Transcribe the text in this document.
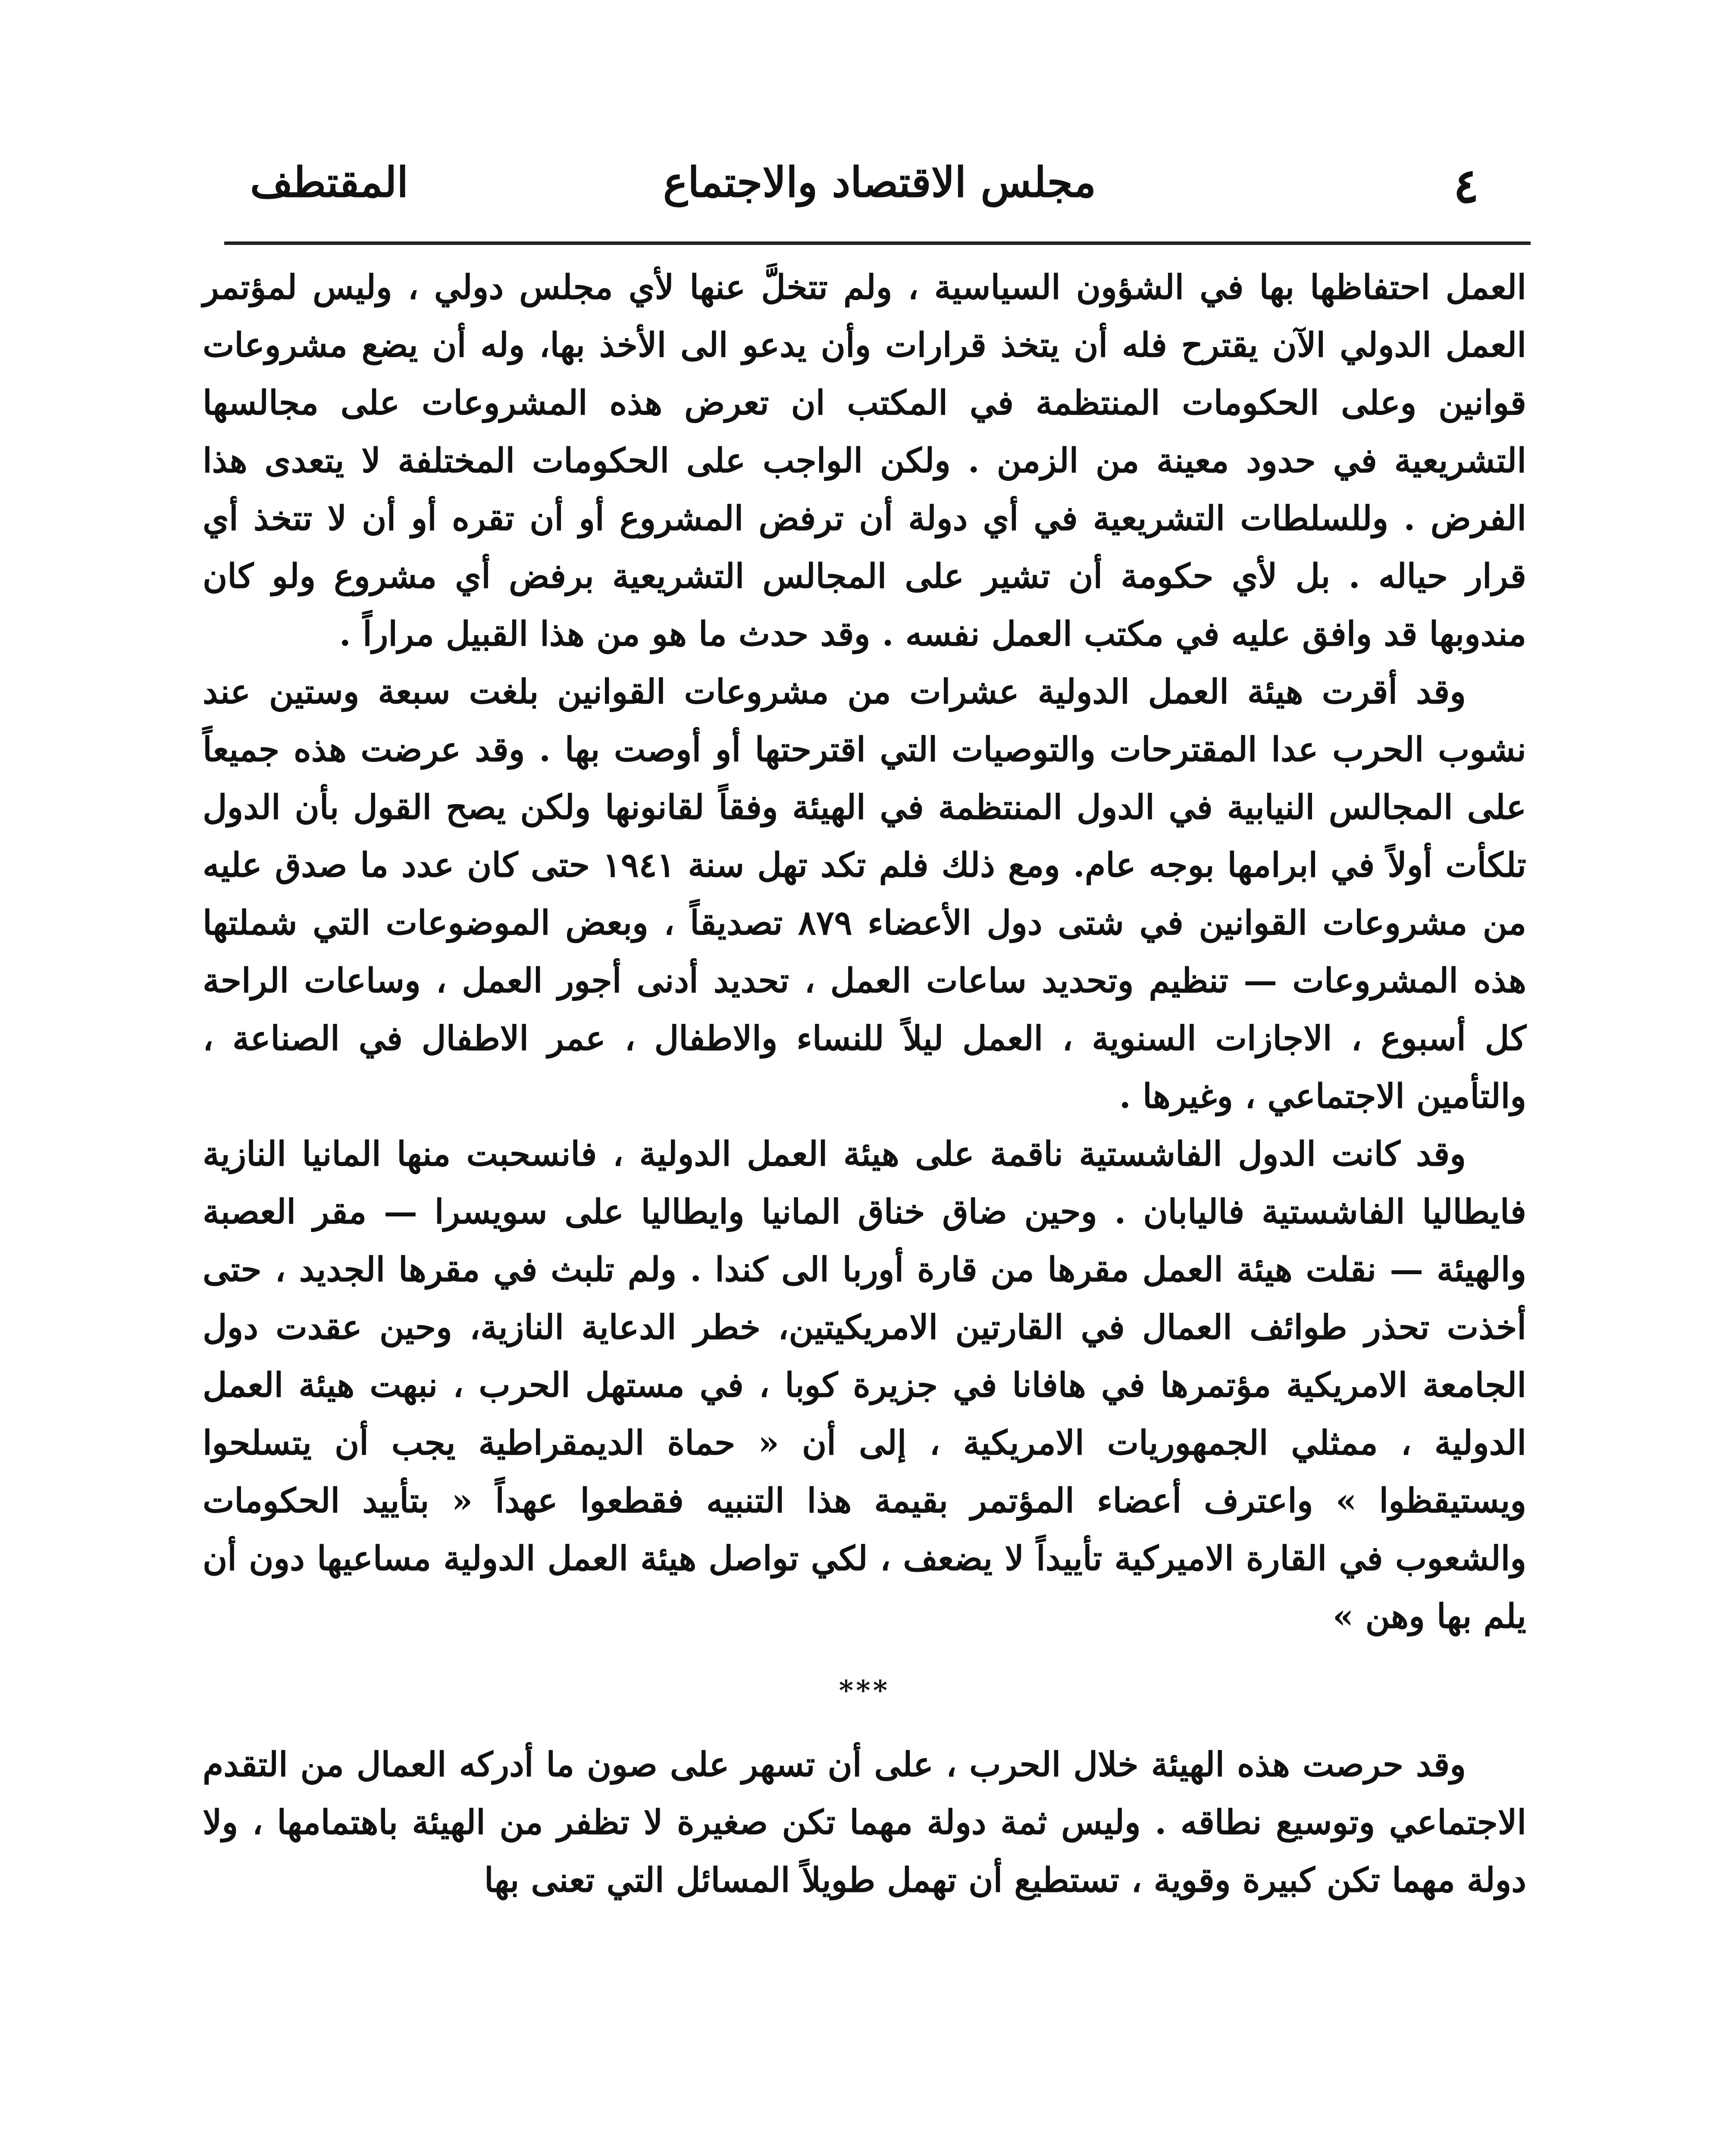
٤
مجلس الاقتصاد والاجتماع
المقتطف

العمل احتفاظها بها في الشؤون السياسية ، ولم تتخلَّ عنها لأي مجلس دولي ، وليس لمؤتمر العمل الدولي الآن يقترح فله أن يتخذ قرارات وأن يدعو الى الأخذ بها، وله أن يضع مشروعات قوانين وعلى الحكومات المنتظمة في المكتب ان تعرض هذه المشروعات على مجالسها التشريعية في حدود معينة من الزمن . ولكن الواجب على الحكومات المختلفة لا يتعدى هذا الفرض . وللسلطات التشريعية في أي دولة أن ترفض المشروع أو أن تقره أو أن لا تتخذ أي قرار حياله . بل لأي حكومة أن تشير على المجالس التشريعية برفض أي مشروع ولو كان مندوبها قد وافق عليه في مكتب العمل نفسه . وقد حدث ما هو من هذا القبيل مراراً .

وقد أقرت هيئة العمل الدولية عشرات من مشروعات القوانين بلغت سبعة وستين عند نشوب الحرب عدا المقترحات والتوصيات التي اقترحتها أو أوصت بها . وقد عرضت هذه جميعاً على المجالس النيابية في الدول المنتظمة في الهيئة وفقاً لقانونها ولكن يصح القول بأن الدول تلكأت أولاً في ابرامها بوجه عام. ومع ذلك فلم تكد تهل سنة ١٩٤١ حتى كان عدد ما صدق عليه من مشروعات القوانين في شتى دول الأعضاء ٨٧٩ تصديقاً ، وبعض الموضوعات التي شملتها هذه المشروعات — تنظيم وتحديد ساعات العمل ، تحديد أدنى أجور العمل ، وساعات الراحة كل أسبوع ، الاجازات السنوية ، العمل ليلاً للنساء والاطفال ، عمر الاطفال في الصناعة ، والتأمين الاجتماعي ، وغيرها .

وقد كانت الدول الفاشستية ناقمة على هيئة العمل الدولية ، فانسحبت منها المانيا النازية فايطاليا الفاشستية فاليابان . وحين ضاق خناق المانيا وايطاليا على سويسرا — مقر العصبة والهيئة — نقلت هيئة العمل مقرها من قارة أوربا الى كندا . ولم تلبث في مقرها الجديد ، حتى أخذت تحذر طوائف العمال في القارتين الامريكيتين، خطر الدعاية النازية، وحين عقدت دول الجامعة الامريكية مؤتمرها في هافانا في جزيرة كوبا ، في مستهل الحرب ، نبهت هيئة العمل الدولية ، ممثلي الجمهوريات الامريكية ، إلى أن « حماة الديمقراطية يجب أن يتسلحوا ويستيقظوا » واعترف أعضاء المؤتمر بقيمة هذا التنبيه فقطعوا عهداً « بتأييد الحكومات والشعوب في القارة الاميركية تأييداً لا يضعف ، لكي تواصل هيئة العمل الدولية مساعيها دون أن يلم بها وهن »

***

وقد حرصت هذه الهيئة خلال الحرب ، على أن تسهر على صون ما أدركه العمال من التقدم الاجتماعي وتوسيع نطاقه . وليس ثمة دولة مهما تكن صغيرة لا تظفر من الهيئة باهتمامها ، ولا دولة مهما تكن كبيرة وقوية ، تستطيع أن تهمل طويلاً المسائل التي تعنى بها
